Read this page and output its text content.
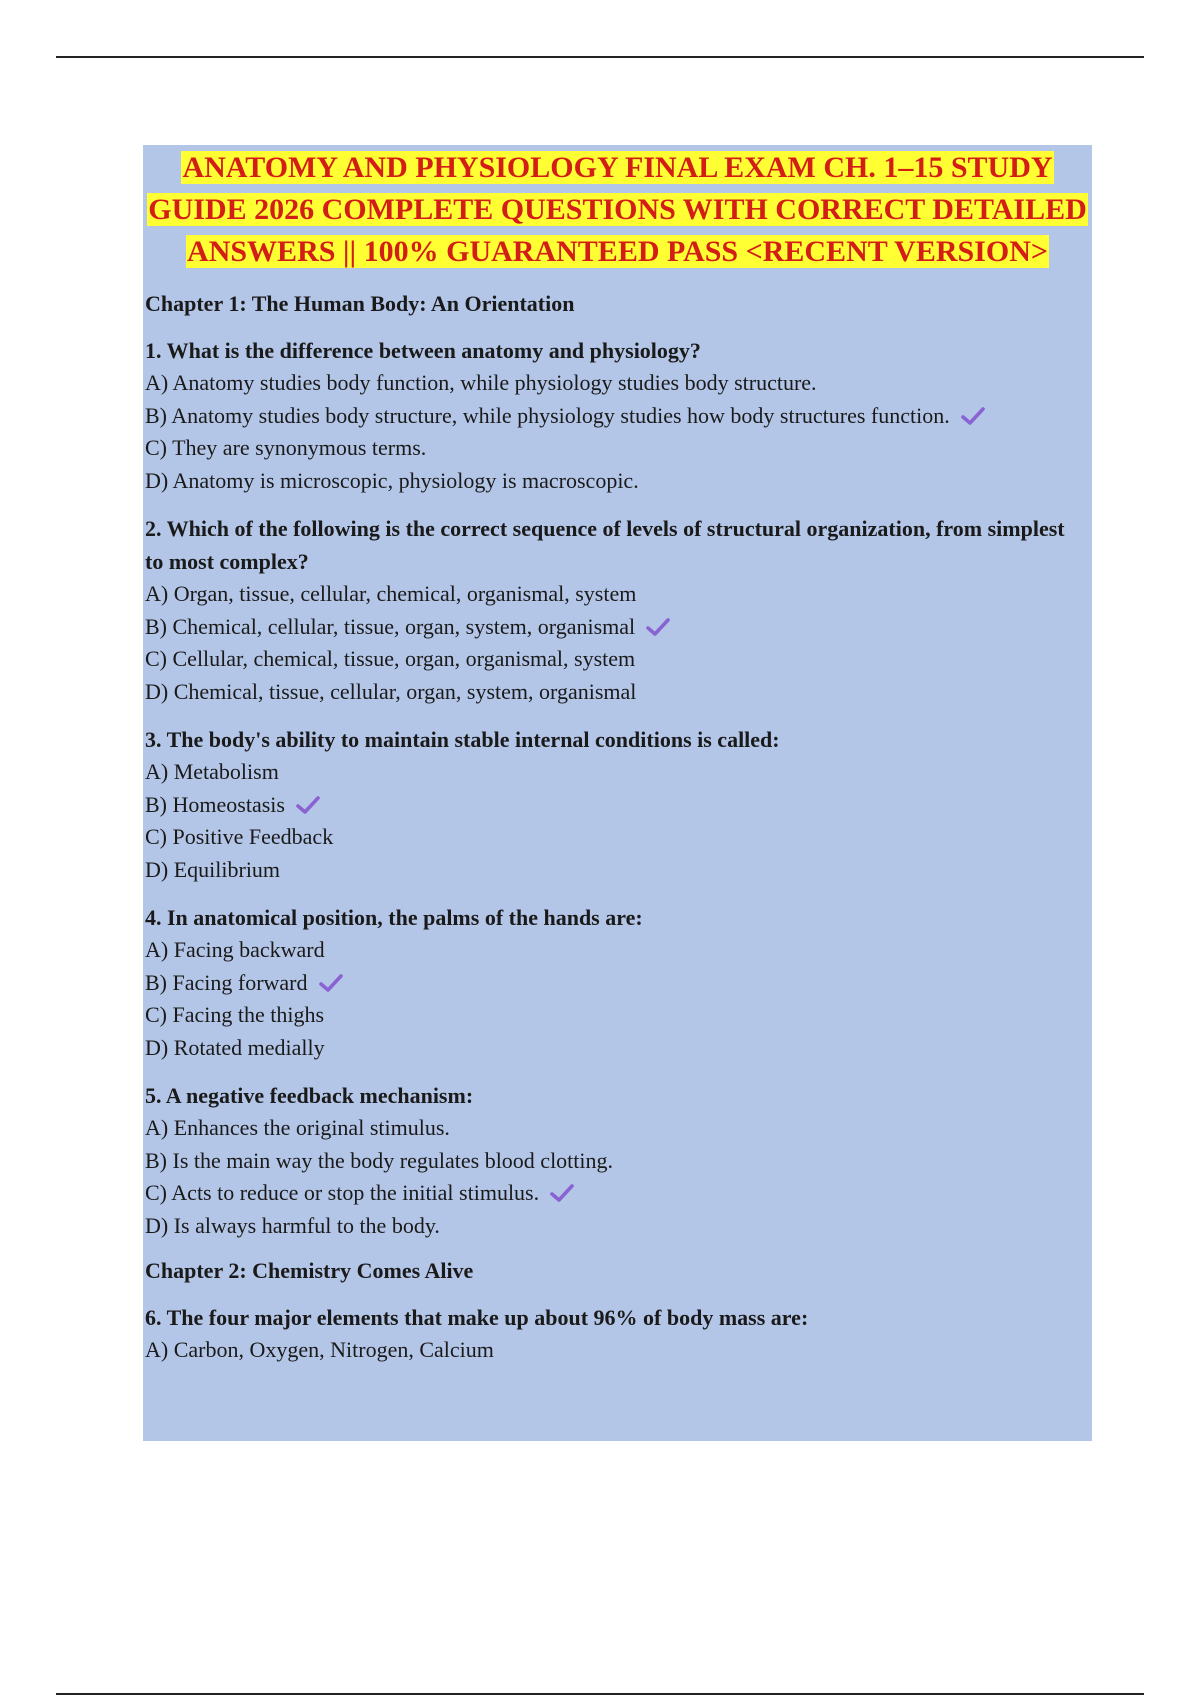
ANATOMY AND PHYSIOLOGY FINAL EXAM CH. 1–15 STUDY GUIDE 2026 COMPLETE QUESTIONS WITH CORRECT DETAILED ANSWERS || 100% GUARANTEED PASS <RECENT VERSION>
Chapter 1: The Human Body: An Orientation
1. What is the difference between anatomy and physiology?
A) Anatomy studies body function, while physiology studies body structure.
B) Anatomy studies body structure, while physiology studies how body structures function.
C) They are synonymous terms.
D) Anatomy is microscopic, physiology is macroscopic.
2. Which of the following is the correct sequence of levels of structural organization, from simplest to most complex?
A) Organ, tissue, cellular, chemical, organismal, system
B) Chemical, cellular, tissue, organ, system, organismal
C) Cellular, chemical, tissue, organ, organismal, system
D) Chemical, tissue, cellular, organ, system, organismal
3. The body's ability to maintain stable internal conditions is called:
A) Metabolism
B) Homeostasis
C) Positive Feedback
D) Equilibrium
4. In anatomical position, the palms of the hands are:
A) Facing backward
B) Facing forward
C) Facing the thighs
D) Rotated medially
5. A negative feedback mechanism:
A) Enhances the original stimulus.
B) Is the main way the body regulates blood clotting.
C) Acts to reduce or stop the initial stimulus.
D) Is always harmful to the body.
Chapter 2: Chemistry Comes Alive
6. The four major elements that make up about 96% of body mass are:
A) Carbon, Oxygen, Nitrogen, Calcium
